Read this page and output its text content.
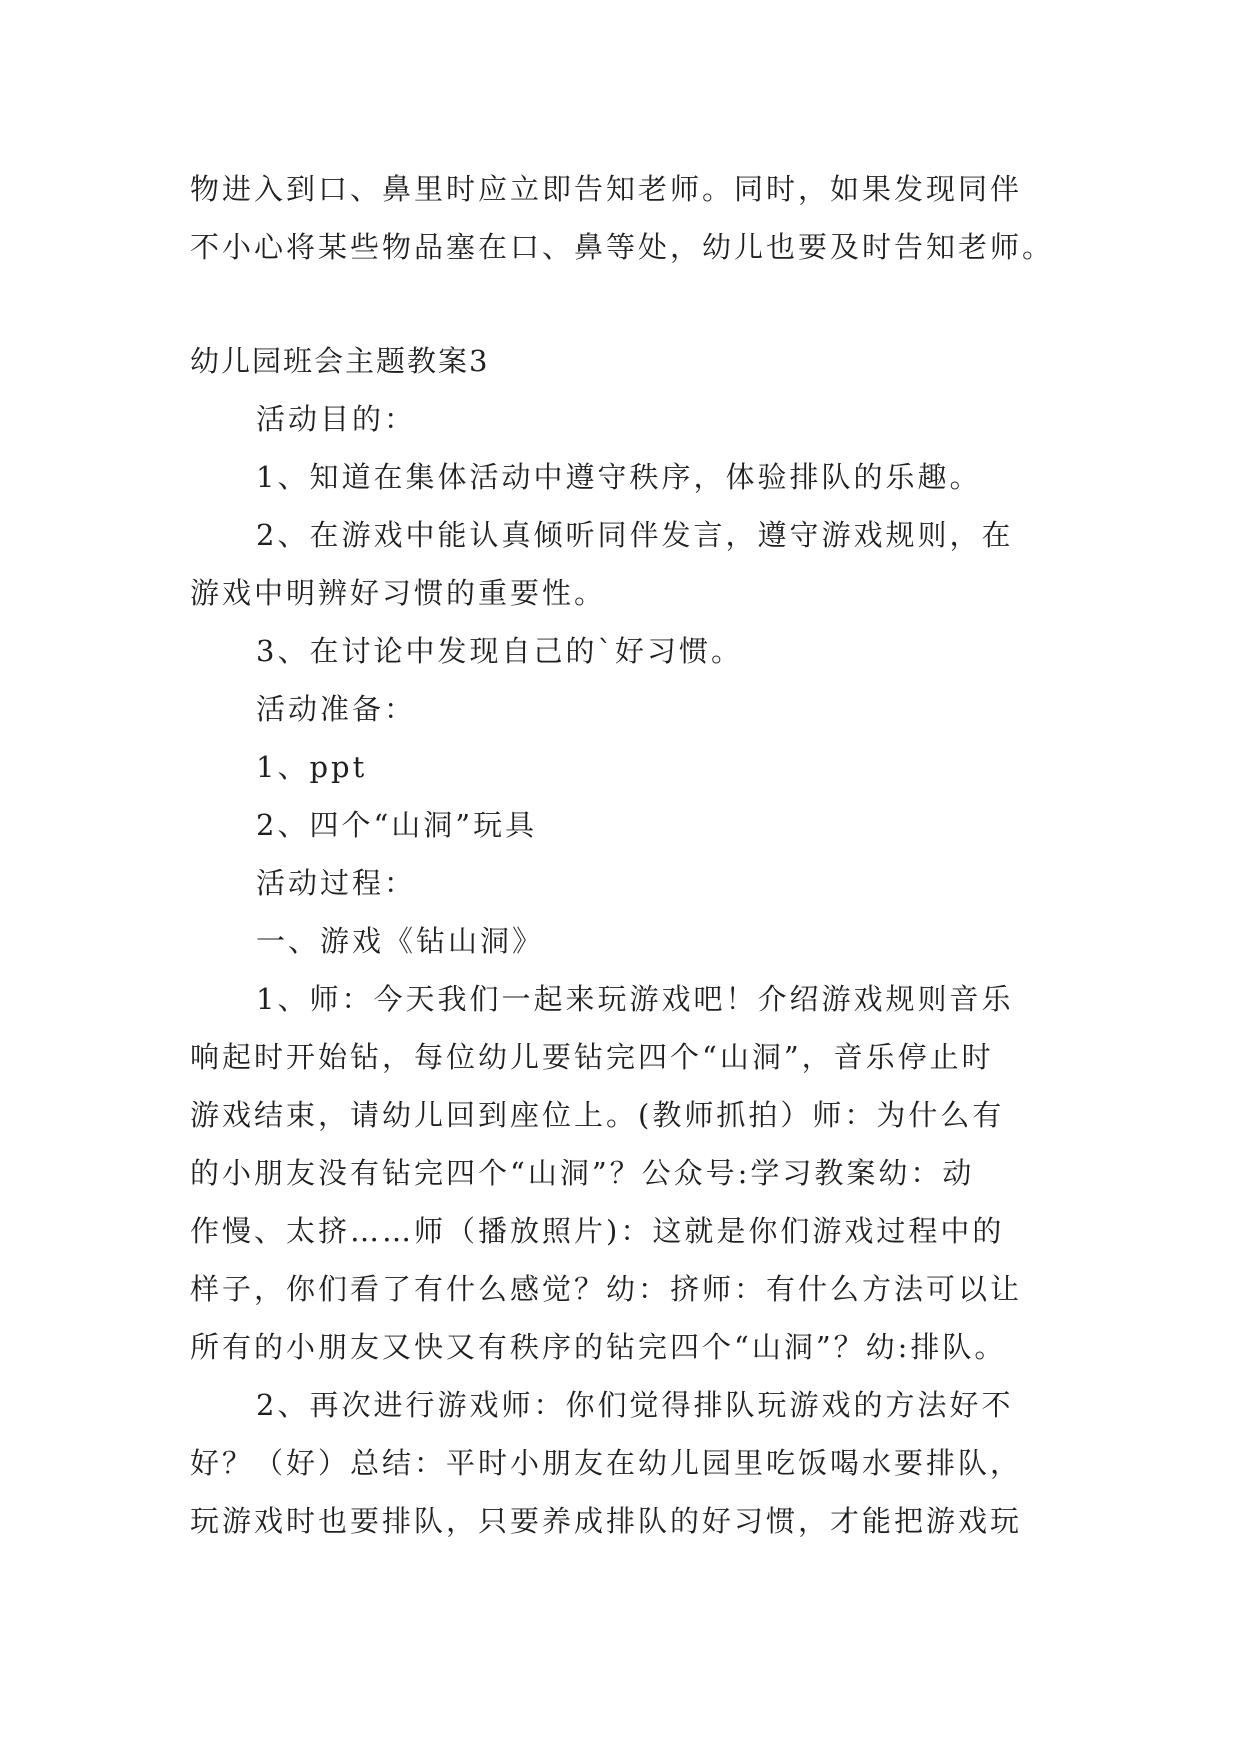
物进入到口、鼻里时应立即告知老师。同时，如果发现同伴
不小心将某些物品塞在口、鼻等处，幼儿也要及时告知老师。
幼儿园班会主题教案3
活动目的：
1、知道在集体活动中遵守秩序，体验排队的乐趣。
2、在游戏中能认真倾听同伴发言，遵守游戏规则，在
游戏中明辨好习惯的重要性。
3、在讨论中发现自己的`好习惯。
活动准备：
1、ppt
2、四个“山洞”玩具
活动过程：
一、游戏《钻山洞》
1、师：今天我们一起来玩游戏吧！介绍游戏规则音乐
响起时开始钻，每位幼儿要钻完四个“山洞”，音乐停止时
游戏结束，请幼儿回到座位上。(教师抓拍）师：为什么有
的小朋友没有钻完四个“山洞”？公众号:学习教案幼：动
作慢、太挤……师（播放照片)：这就是你们游戏过程中的
样子，你们看了有什么感觉？幼：挤师：有什么方法可以让
所有的小朋友又快又有秩序的钻完四个“山洞”？幼:排队。
2、再次进行游戏师：你们觉得排队玩游戏的方法好不
好？（好）总结：平时小朋友在幼儿园里吃饭喝水要排队，
玩游戏时也要排队，只要养成排队的好习惯，才能把游戏玩
